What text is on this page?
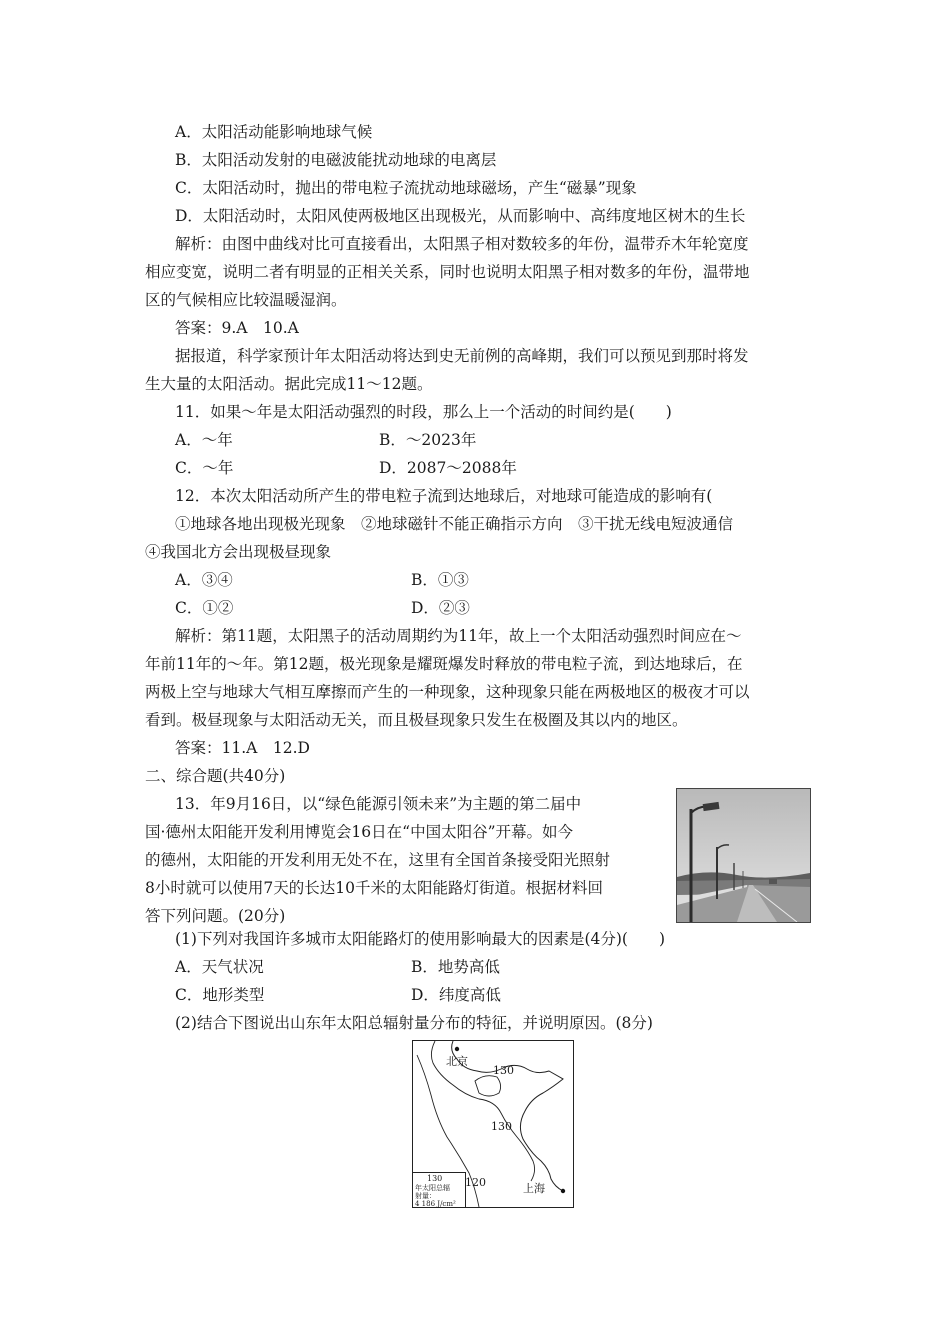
A．太阳活动能影响地球气候
B．太阳活动发射的电磁波能扰动地球的电离层
C．太阳活动时，抛出的带电粒子流扰动地球磁场，产生“磁暴”现象
D．太阳活动时，太阳风使两极地区出现极光，从而影响中、高纬度地区树木的生长
解析：由图中曲线对比可直接看出，太阳黑子相对数较多的年份，温带乔木年轮宽度
相应变宽，说明二者有明显的正相关关系，同时也说明太阳黑子相对数多的年份，温带地
区的气候相应比较温暖湿润。
答案：9.A　10.A
据报道，科学家预计年太阳活动将达到史无前例的高峰期，我们可以预见到那时将发
生大量的太阳活动。据此完成11～12题。
11．如果～年是太阳活动强烈的时段，那么上一个活动的时间约是(　　)
A．～年	B．～2023年
C．～年	D．2087～2088年
12．本次太阳活动所产生的带电粒子流到达地球后，对地球可能造成的影响有(
①地球各地出现极光现象　②地球磁针不能正确指示方向　③干扰无线电短波通信
④我国北方会出现极昼现象
A．③④	B．①③
C．①②	D．②③
解析：第11题，太阳黑子的活动周期约为11年，故上一个太阳活动强烈时间应在～
年前11年的～年。第12题，极光现象是耀斑爆发时释放的带电粒子流，到达地球后，在
两极上空与地球大气相互摩擦而产生的一种现象，这种现象只能在两极地区的极夜才可以
看到。极昼现象与太阳活动无关，而且极昼现象只发生在极圈及其以内的地区。
答案：11.A　12.D
二、综合题(共40分)
13．年9月16日，以“绿色能源引领未来”为主题的第二届中
国·德州太阳能开发利用博览会16日在“中国太阳谷”开幕。如今
的德州，太阳能的开发利用无处不在，这里有全国首条接受阳光照射
8小时就可以使用7天的长达10千米的太阳能路灯街道。根据材料回
答下列问题。(20分)
(1)下列对我国许多城市太阳能路灯的使用影响最大的因素是(4分)(　　)
A．天气状况	B．地势高低
C．地形类型	D．纬度高低
(2)结合下图说出山东年太阳总辐射量分布的特征，并说明原因。(8分)
北京
130
130
120	上海
130
年太阳总辐
射量：
4 186 J/cm²
